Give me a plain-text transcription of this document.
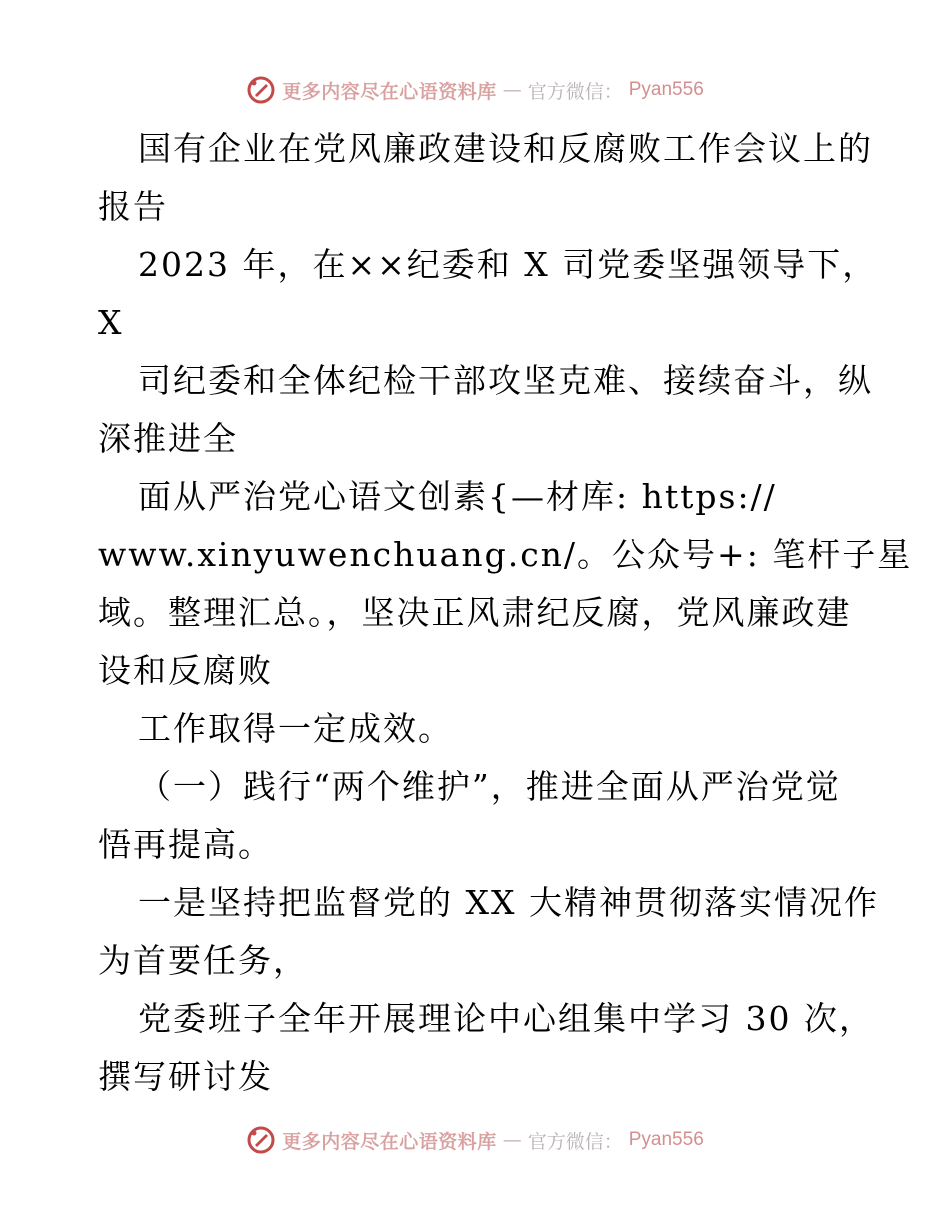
更多内容尽在心语资料库 — 官方微信： Pyan556
国有企业在党风廉政建设和反腐败工作会议上的
报告
2023 年，在××纪委和 X 司党委坚强领导下，
X
司纪委和全体纪检干部攻坚克难、接续奋斗，纵
深推进全
面从严治党心语文创素{—材库: https://
www.xinyuwenchuang.cn/。公众号+: 笔杆子星
域。整理汇总。，坚决正风肃纪反腐，党风廉政建
设和反腐败
工作取得一定成效。
（一）践行“两个维护”，推进全面从严治党觉
悟再提高。
一是坚持把监督党的 XX 大精神贯彻落实情况作
为首要任务，
党委班子全年开展理论中心组集中学习 30 次，
撰写研讨发
更多内容尽在心语资料库 — 官方微信： Pyan556
